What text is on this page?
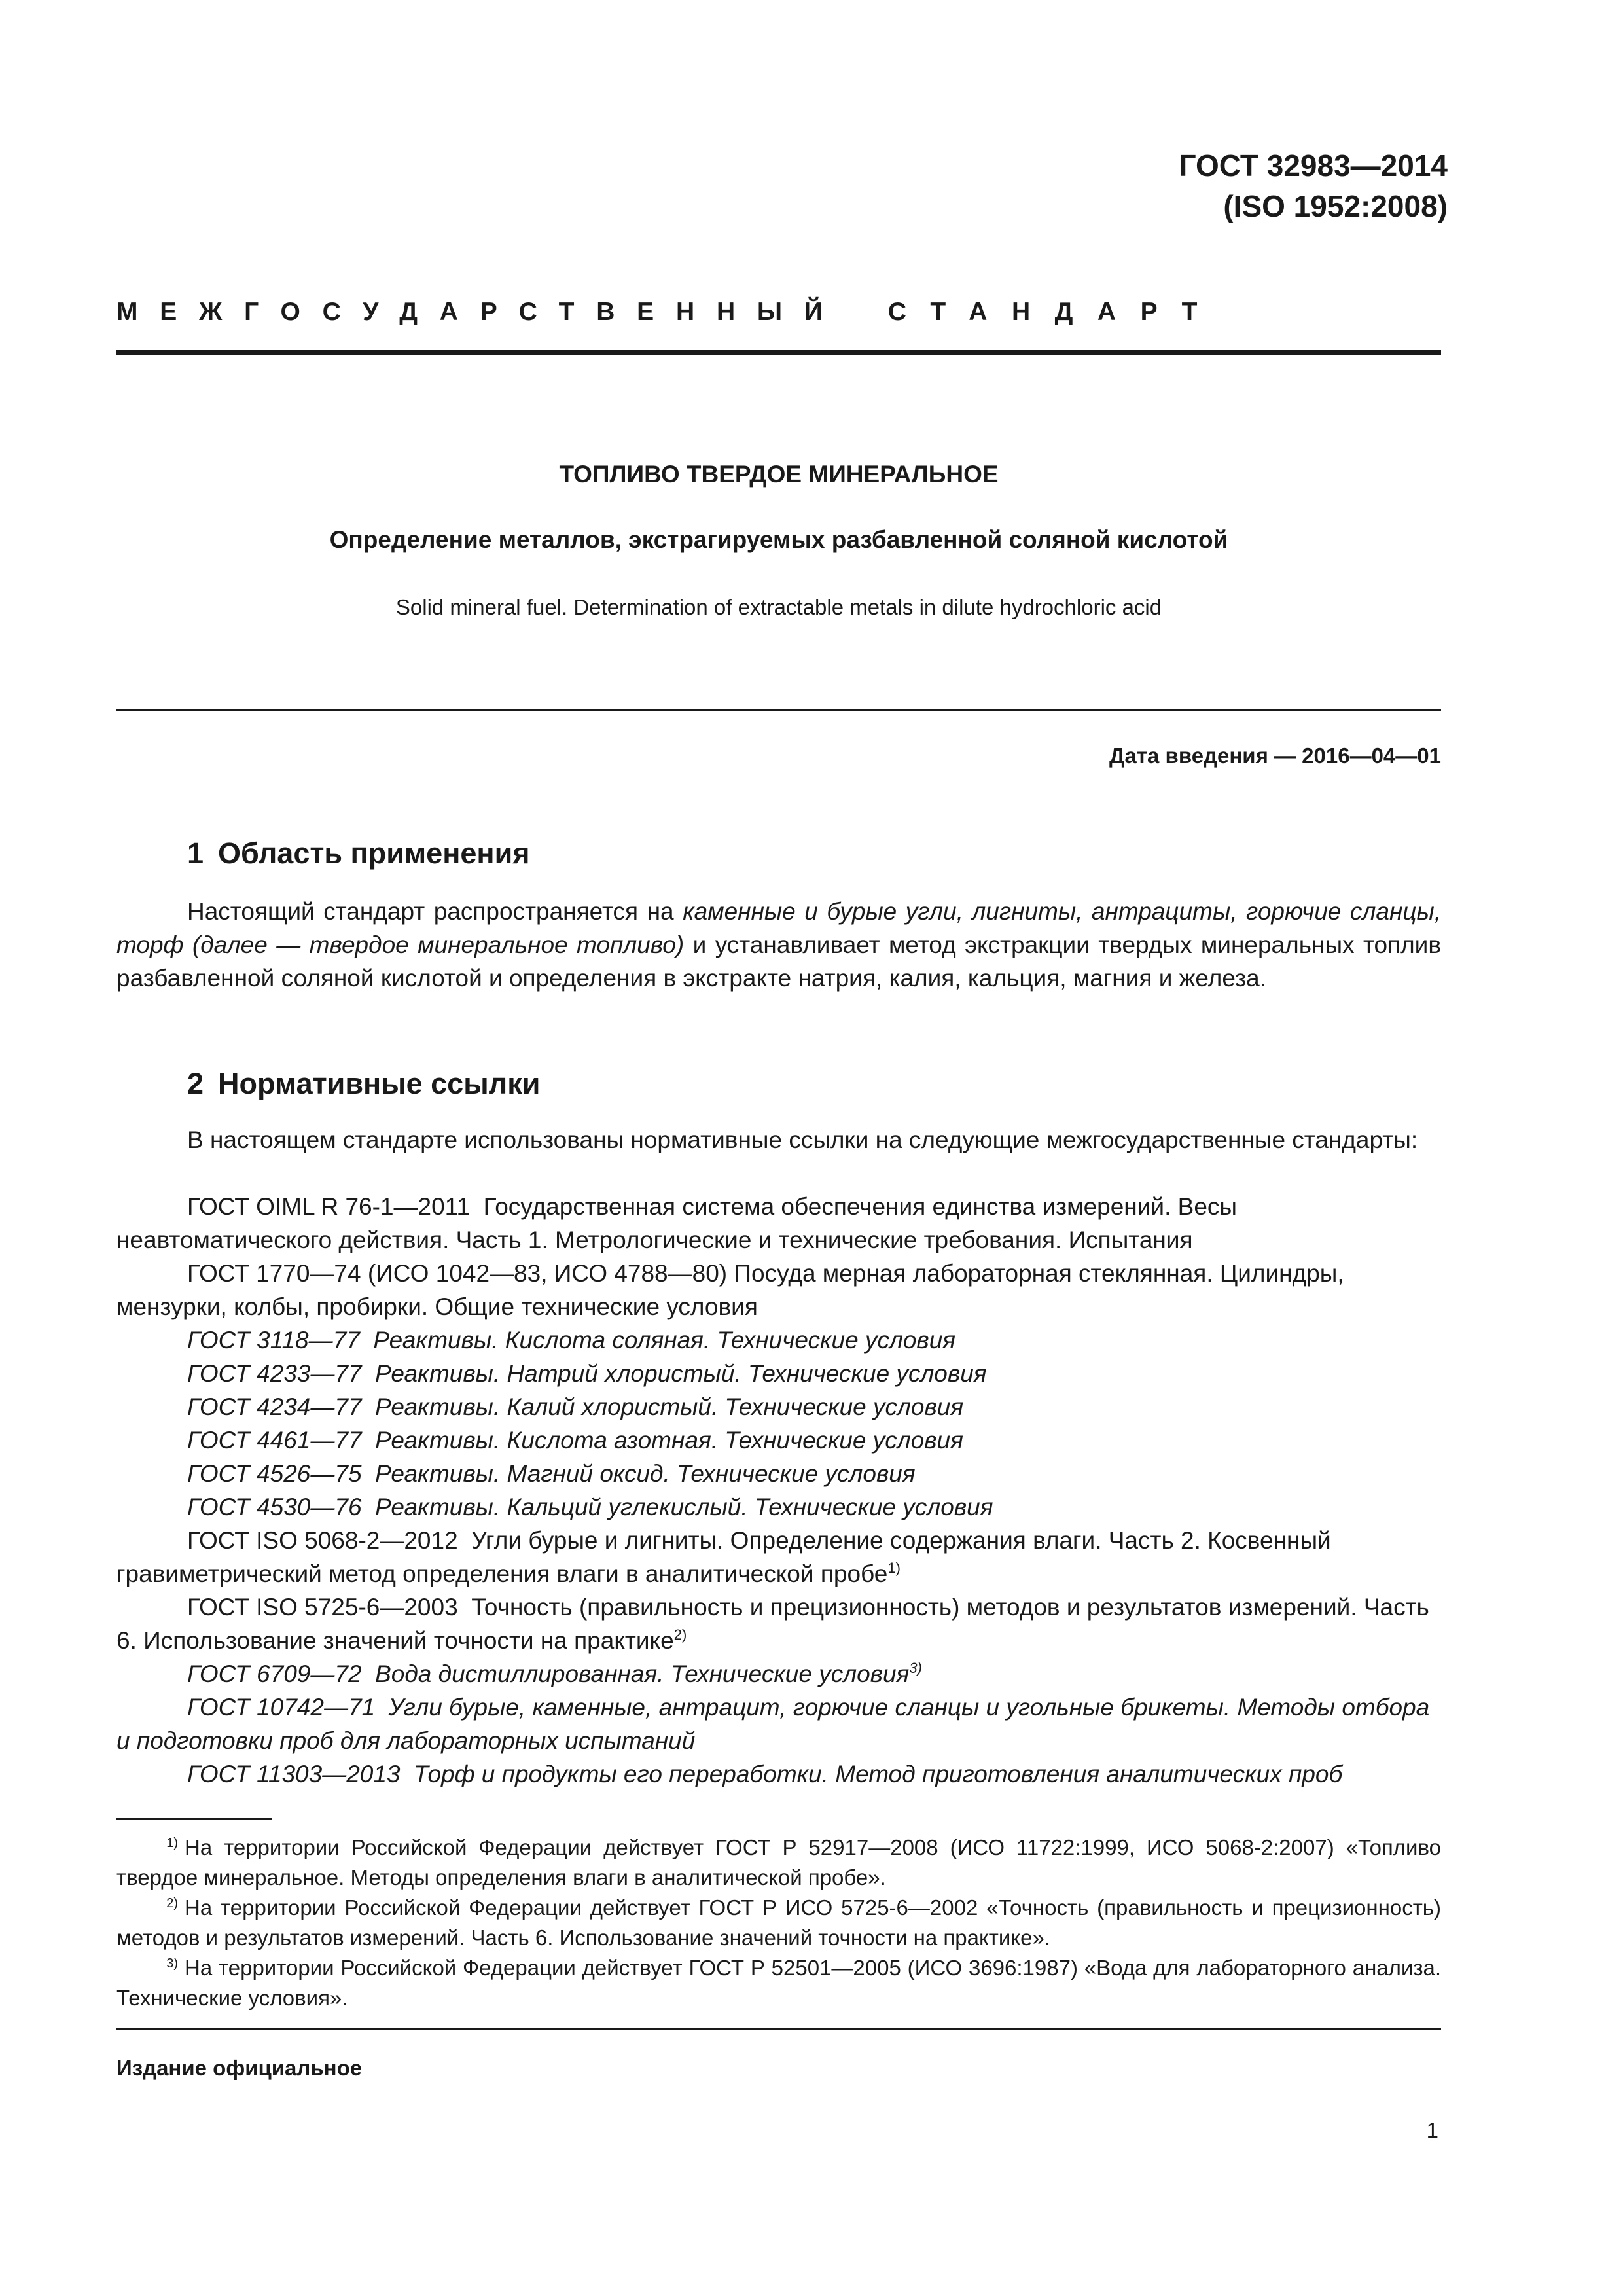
ГОСТ 32983—2014
(ISO 1952:2008)
МЕЖГОСУДАРСТВЕННЫЙ СТАНДАРТ
ТОПЛИВО ТВЕРДОЕ МИНЕРАЛЬНОЕ
Определение металлов, экстрагируемых разбавленной соляной кислотой
Solid mineral fuel. Determination of extractable metals in dilute hydrochloric acid
Дата введения — 2016—04—01
1 Область применения
Настоящий стандарт распространяется на каменные и бурые угли, лигниты, антрациты, горючие сланцы, торф (далее — твердое минеральное топливо) и устанавливает метод экстракции твердых минеральных топлив разбавленной соляной кислотой и определения в экстракте натрия, калия, кальция, магния и железа.
2 Нормативные ссылки
В настоящем стандарте использованы нормативные ссылки на следующие межгосударственные стандарты:
ГОСТ OIML R 76-1—2011 Государственная система обеспечения единства измерений. Весы неавтоматического действия. Часть 1. Метрологические и технические требования. Испытания
ГОСТ 1770—74 (ИСО 1042—83, ИСО 4788—80) Посуда мерная лабораторная стеклянная. Цилиндры, мензурки, колбы, пробирки. Общие технические условия
ГОСТ 3118—77 Реактивы. Кислота соляная. Технические условия
ГОСТ 4233—77 Реактивы. Натрий хлористый. Технические условия
ГОСТ 4234—77 Реактивы. Калий хлористый. Технические условия
ГОСТ 4461—77 Реактивы. Кислота азотная. Технические условия
ГОСТ 4526—75 Реактивы. Магний оксид. Технические условия
ГОСТ 4530—76 Реактивы. Кальций углекислый. Технические условия
ГОСТ ISO 5068-2—2012 Угли бурые и лигниты. Определение содержания влаги. Часть 2. Косвенный гравиметрический метод определения влаги в аналитической пробе$^{1)}$
ГОСТ ISO 5725-6—2003 Точность (правильность и прецизионность) методов и результатов измерений. Часть 6. Использование значений точности на практике$^{2)}$
ГОСТ 6709—72 Вода дистиллированная. Технические условия$^{3)}$
ГОСТ 10742—71 Угли бурые, каменные, антрацит, горючие сланцы и угольные брикеты. Методы отбора и подготовки проб для лабораторных испытаний
ГОСТ 11303—2013 Торф и продукты его переработки. Метод приготовления аналитических проб
$^{1)}$ На территории Российской Федерации действует ГОСТ Р 52917—2008 (ИСО 11722:1999, ИСО 5068-2:2007) «Топливо твердое минеральное. Методы определения влаги в аналитической пробе».
$^{2)}$ На территории Российской Федерации действует ГОСТ Р ИСО 5725-6—2002 «Точность (правильность и прецизионность) методов и результатов измерений. Часть 6. Использование значений точности на практике».
$^{3)}$ На территории Российской Федерации действует ГОСТ Р 52501—2005 (ИСО 3696:1987) «Вода для лабораторного анализа. Технические условия».
Издание официальное
1
